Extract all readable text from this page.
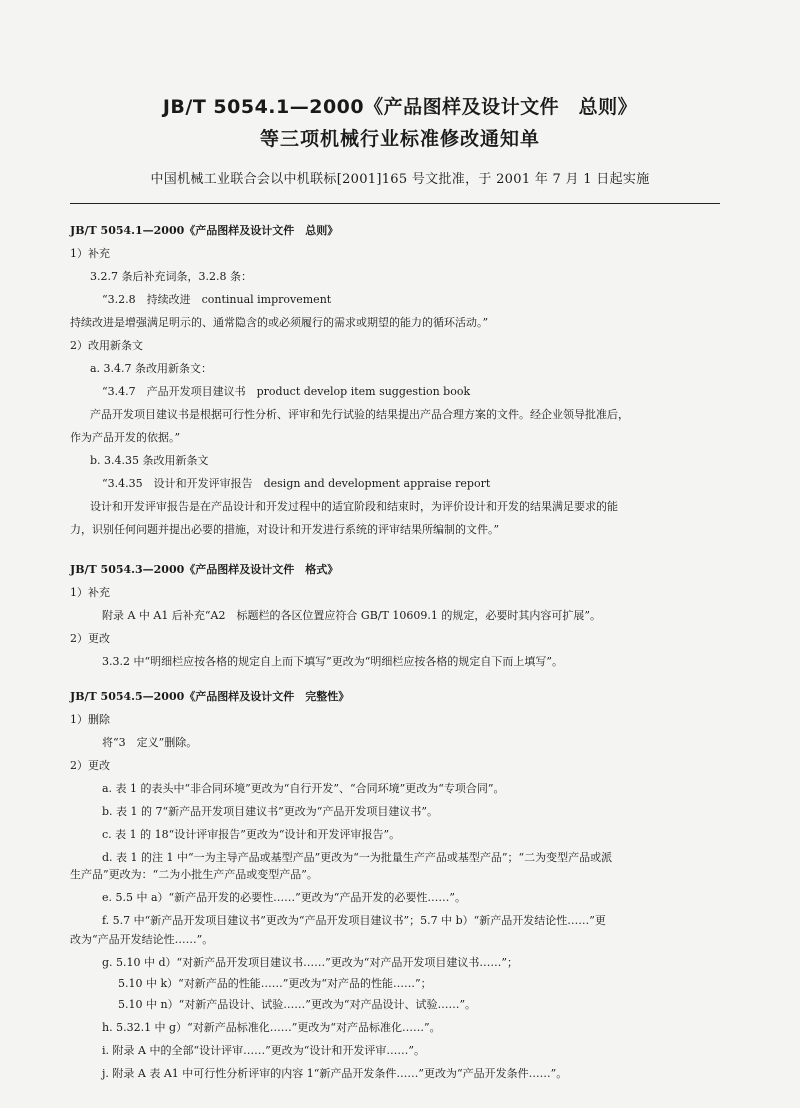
JB/T 5054.1—2000《产品图样及设计文件　总则》
等三项机械行业标准修改通知单
中国机械工业联合会以中机联标[2001]165 号文批准，于 2001 年 7 月 1 日起实施
JB/T 5054.1—2000《产品图样及设计文件　总则》
1）补充
3.2.7 条后补充词条，3.2.8 条：
“3.2.8　持续改进　continual improvement
持续改进是增强满足明示的、通常隐含的或必须履行的需求或期望的能力的循环活动。”
2）改用新条文
a. 3.4.7 条改用新条文：
“3.4.7　产品开发项目建议书　product develop item suggestion book
产品开发项目建议书是根据可行性分析、评审和先行试验的结果提出产品合理方案的文件。经企业领导批准后，
作为产品开发的依据。”
b. 3.4.35 条改用新条文
“3.4.35　设计和开发评审报告　design and development appraise report
设计和开发评审报告是在产品设计和开发过程中的适宜阶段和结束时，为评价设计和开发的结果满足要求的能
力，识别任何问题并提出必要的措施，对设计和开发进行系统的评审结果所编制的文件。”
JB/T 5054.3—2000《产品图样及设计文件　格式》
1）补充
附录 A 中 A1 后补充“A2　标题栏的各区位置应符合 GB/T 10609.1 的规定，必要时其内容可扩展”。
2）更改
3.3.2 中“明细栏应按各格的规定自上而下填写”更改为“明细栏应按各格的规定自下而上填写”。
JB/T 5054.5—2000《产品图样及设计文件　完整性》
1）删除
将“3　定义”删除。
2）更改
a. 表 1 的表头中“非合同环境”更改为“自行开发”、“合同环境”更改为“专项合同”。
b. 表 1 的 7“新产品开发项目建议书”更改为“产品开发项目建议书”。
c. 表 1 的 18“设计评审报告”更改为“设计和开发评审报告”。
d. 表 1 的注 1 中“一为主导产品或基型产品”更改为“一为批量生产产品或基型产品”；“二为变型产品或派
生产品”更改为：“二为小批生产产品或变型产品”。
e. 5.5 中 a）“新产品开发的必要性……”更改为“产品开发的必要性……”。
f. 5.7 中“新产品开发项目建议书”更改为“产品开发项目建议书”；5.7 中 b）“新产品开发结论性……”更
改为“产品开发结论性……”。
g. 5.10 中 d）“对新产品开发项目建议书……”更改为“对产品开发项目建议书……”；
5.10 中 k）“对新产品的性能……”更改为“对产品的性能……”；
5.10 中 n）“对新产品设计、试验……”更改为“对产品设计、试验……”。
h. 5.32.1 中 g）“对新产品标准化……”更改为“对产品标准化……”。
i. 附录 A 中的全部“设计评审……”更改为“设计和开发评审……”。
j. 附录 A 表 A1 中可行性分析评审的内容 1“新产品开发条件……”更改为“产品开发条件……”。
